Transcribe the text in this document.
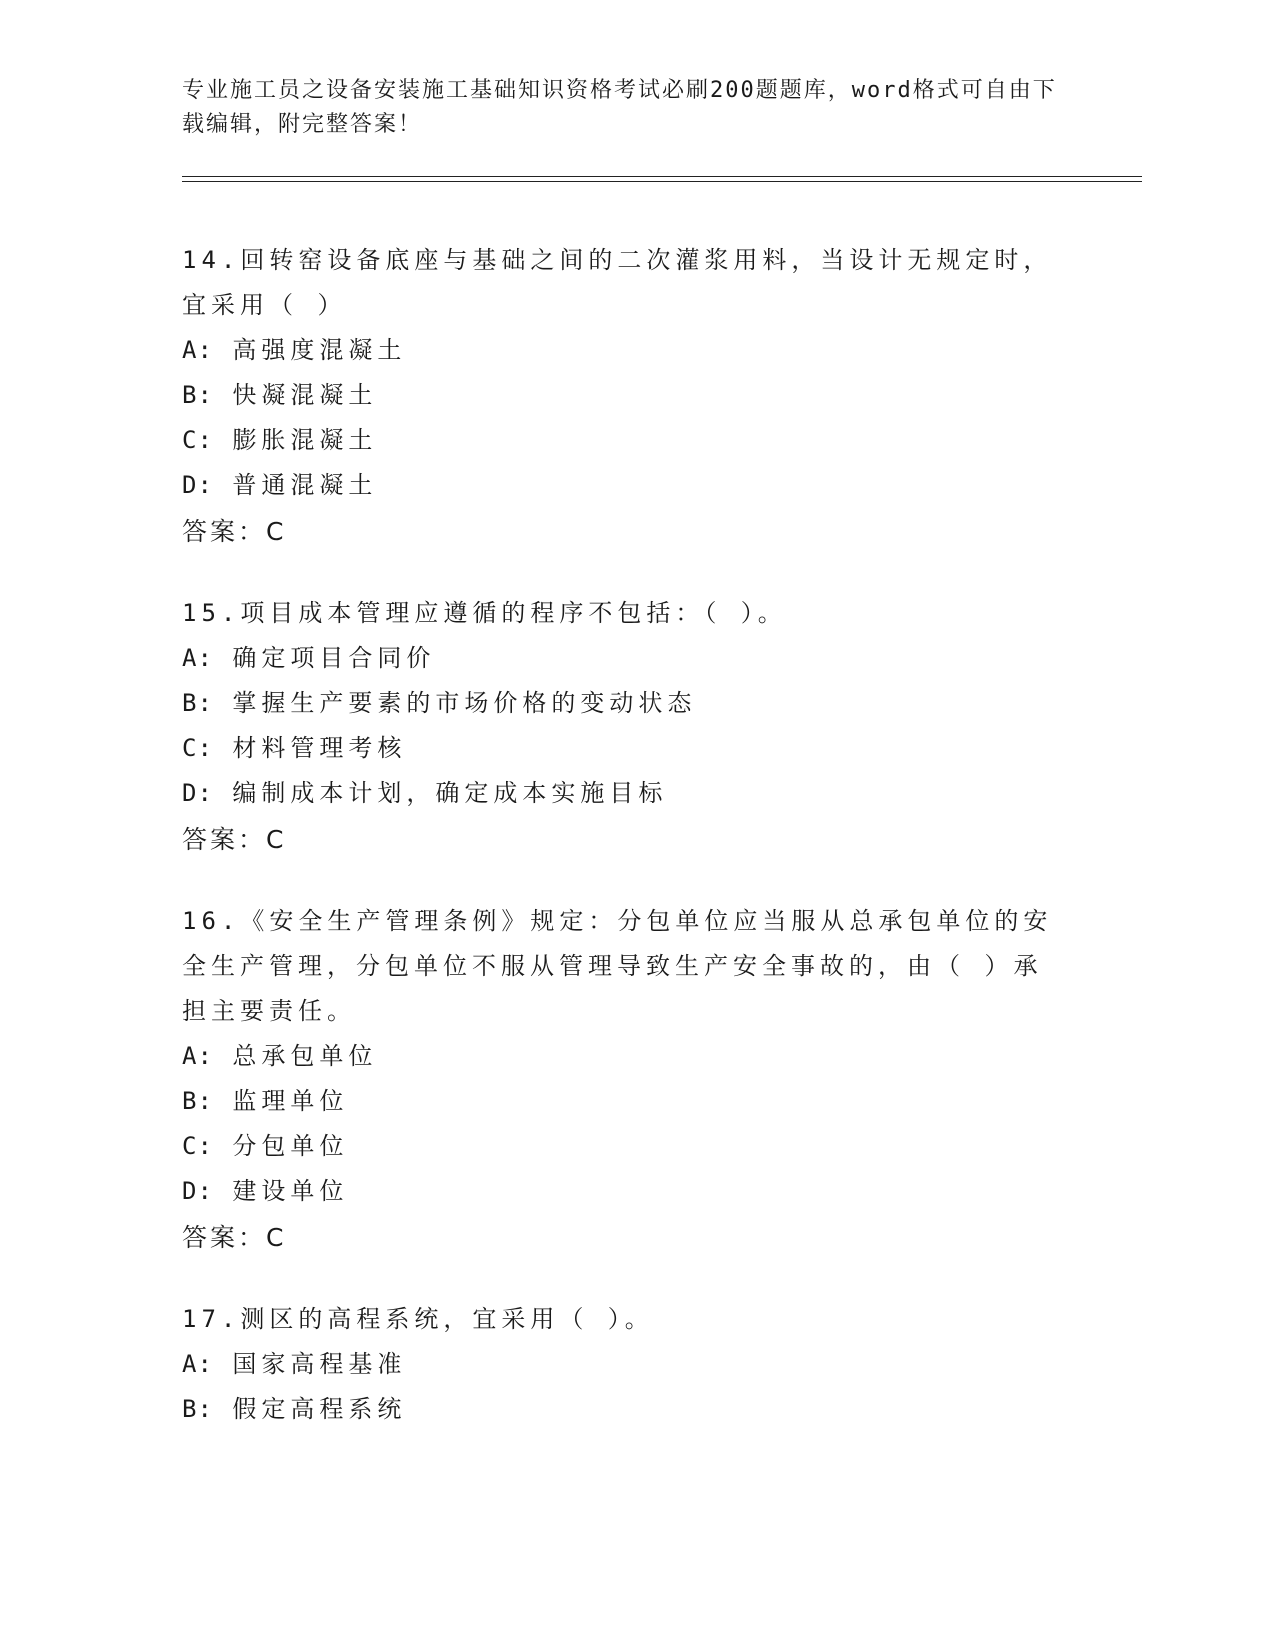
专业施工员之设备安装施工基础知识资格考试必刷200题题库，word格式可自由下载编辑，附完整答案！

14.回转窑设备底座与基础之间的二次灌浆用料，当设计无规定时，宜采用（ ）

A: 高强度混凝土

B: 快凝混凝土

C: 膨胀混凝土

D: 普通混凝土

答案：C

15.项目成本管理应遵循的程序不包括：（ ）。

A: 确定项目合同价

B: 掌握生产要素的市场价格的变动状态

C: 材料管理考核

D: 编制成本计划，确定成本实施目标

答案：C

16.《安全生产管理条例》规定：分包单位应当服从总承包单位的安全生产管理，分包单位不服从管理导致生产安全事故的，由（ ）承担主要责任。

A: 总承包单位

B: 监理单位

C: 分包单位

D: 建设单位

答案：C

17.测区的高程系统，宜采用（ ）。

A: 国家高程基准

B: 假定高程系统
